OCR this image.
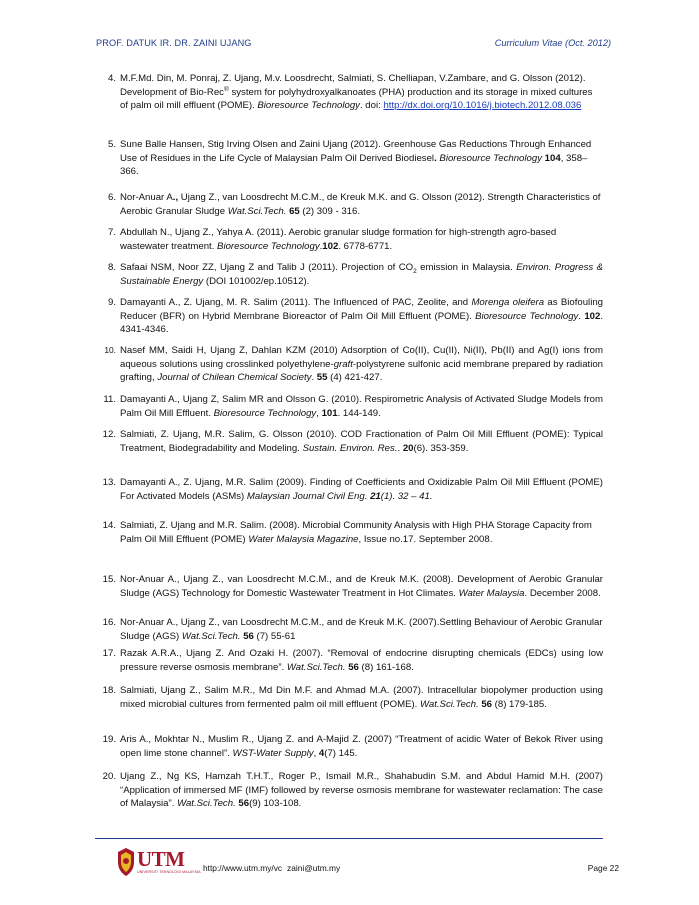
PROF. DATUK IR. DR. ZAINI UJANG	Curriculum Vitae (Oct. 2012)
4. M.F.Md. Din, M. Ponraj, Z. Ujang, M.v. Loosdrecht, Salmiati, S. Chelliapan, V.Zambare, and G. Olsson (2012). Development of Bio-Rec® system for polyhydroxyalkanoates (PHA) production and its storage in mixed cultures of palm oil mill effluent (POME). Bioresource Technology. doi: http://dx.doi.org/10.1016/j.biotech.2012.08.036
5. Sune Balle Hansen, Stig Irving Olsen and Zaini Ujang (2012). Greenhouse Gas Reductions Through Enhanced Use of Residues in the Life Cycle of Malaysian Palm Oil Derived Biodiesel. Bioresource Technology 104, 358–366.
6. Nor-Anuar A., Ujang Z., van Loosdrecht M.C.M., de Kreuk M.K. and G. Olsson (2012). Strength Characteristics of Aerobic Granular Sludge Wat.Sci.Tech. 65 (2) 309 - 316.
7. Abdullah N., Ujang Z., Yahya A. (2011). Aerobic granular sludge formation for high-strength agro-based wastewater treatment. Bioresource Technology.102. 6778-6771.
8. Safaai NSM, Noor ZZ, Ujang Z and Talib J (2011). Projection of $CO_2$ emission in Malaysia. Environ. Progress & Sustainable Energy (DOI 101002/ep.10512).
9. Damayanti A., Z. Ujang, M. R. Salim (2011). The Influenced of PAC, Zeolite, and Morenga oleifera as Biofouling Reducer (BFR) on Hybrid Membrane Bioreactor of Palm Oil Mill Effluent (POME). Bioresource Technology. 102. 4341-4346.
10. Nasef MM, Saidi H, Ujang Z, Dahlan KZM (2010) Adsorption of Co(II), Cu(II), Ni(II), Pb(II) and Ag(I) ions from aqueous solutions using crosslinked polyethylene-graft-polystyrene sulfonic acid membrane prepared by radiation grafting, Journal of Chilean Chemical Society. 55 (4) 421-427.
11. Damayanti A., Ujang Z, Salim MR and Olsson G. (2010). Respirometric Analysis of Activated Sludge Models from Palm Oil Mill Effluent. Bioresource Technology, 101. 144-149.
12. Salmiati, Z. Ujang, M.R. Salim, G. Olsson (2010). COD Fractionation of Palm Oil Mill Effluent (POME): Typical Treatment, Biodegradability and Modeling. Sustain. Environ. Res.. 20(6). 353-359.
13. Damayanti A., Z. Ujang, M.R. Salim (2009). Finding of Coefficients and Oxidizable Palm Oil Mill Effluent (POME) For Activated Models (ASMs) Malaysian Journal Civil Eng. 21(1). 32 – 41.
14. Salmiati, Z. Ujang and M.R. Salim. (2008). Microbial Community Analysis with High PHA Storage Capacity from Palm Oil Mill Effluent (POME) Water Malaysia Magazine, Issue no.17. September 2008.
15. Nor-Anuar A., Ujang Z., van Loosdrecht M.C.M., and de Kreuk M.K. (2008). Development of Aerobic Granular Sludge (AGS) Technology for Domestic Wastewater Treatment in Hot Climates. Water Malaysia. December 2008.
16. Nor-Anuar A., Ujang Z., van Loosdrecht M.C.M., and de Kreuk M.K. (2007).Settling Behaviour of Aerobic Granular Sludge (AGS) Wat.Sci.Tech. 56 (7) 55-61
17. Razak A.R.A., Ujang Z. And Ozaki H. (2007). “Removal of endocrine disrupting chemicals (EDCs) using low pressure reverse osmosis membrane”. Wat.Sci.Tech. 56 (8) 161-168.
18. Salmiati, Ujang Z., Salim M.R., Md Din M.F. and Ahmad M.A. (2007). Intracellular biopolymer production using mixed microbial cultures from fermented palm oil mill effluent (POME). Wat.Sci.Tech. 56 (8) 179-185.
19. Aris A., Mokhtar N., Muslim R., Ujang Z. and A-Majid Z. (2007) “Treatment of acidic Water of Bekok River using open lime stone channel”. WST-Water Supply, 4(7) 145.
20. Ujang Z., Ng KS, Hamzah T.H.T., Roger P., Ismail M.R., Shahabudin S.M. and Abdul Hamid M.H. (2007) “Application of immersed MF (IMF) followed by reverse osmosis membrane for wastewater reclamation: The case of Malaysia”. Wat.Sci.Tech. 56(9) 103-108.
UTM
UNIVERSITI TEKNOLOGI MALAYSIA http://www.utm.my/vc zaini@utm.my	Page 22
